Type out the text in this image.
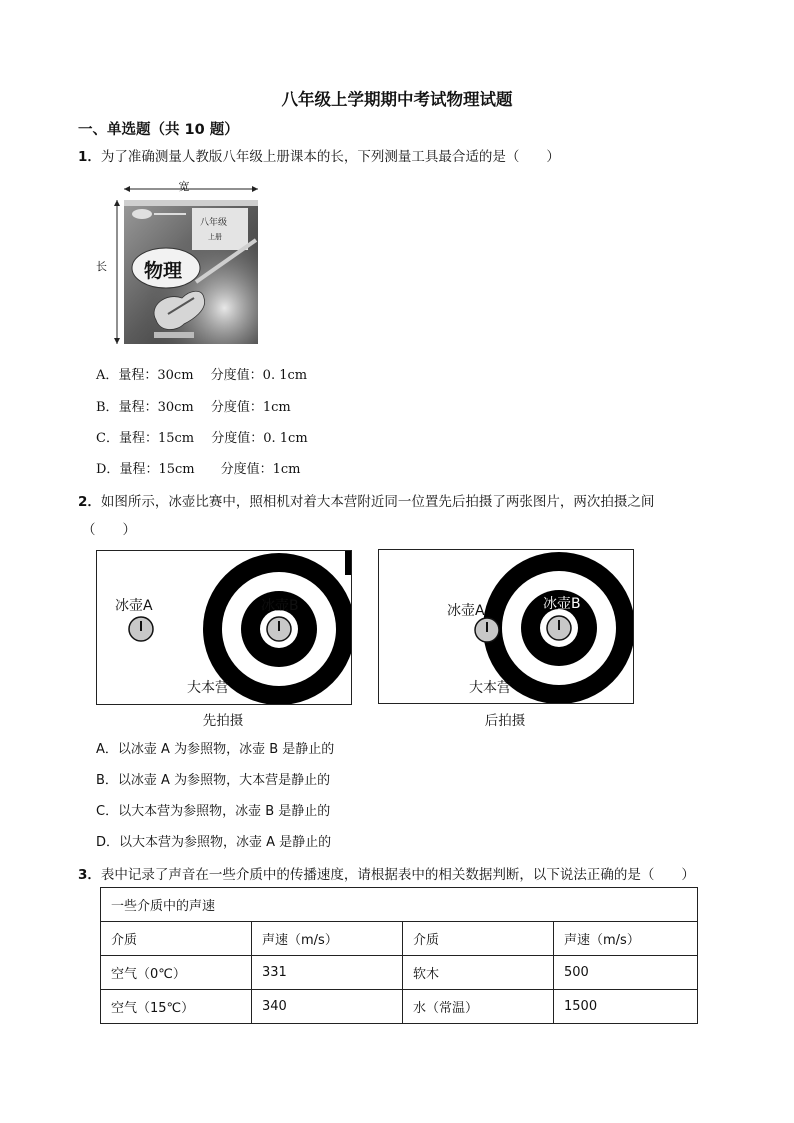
八年级上学期期中考试物理试题
一、单选题（共 10 题）
1．为了准确测量人教版八年级上册课本的长，下列测量工具最合适的是（　　）
宽
长
八年级
上册
物理
A．量程：30cm　 分度值：0. 1cm
B．量程：30cm　 分度值：1cm
C．量程：15cm　 分度值：0. 1cm
D．量程：15cm　　分度值：1cm
2．如图所示，冰壶比赛中，照相机对着大本营附近同一位置先后拍摄了两张图片，两次拍摄之间
（　　）
冰壶A	冰壶B
大本营
先拍摄
冰壶A	冰壶B
大本营
后拍摄
A．以冰壶 A 为参照物，冰壶 B 是静止的
B．以冰壶 A 为参照物，大本营是静止的
C．以大本营为参照物，冰壶 B 是静止的
D．以大本营为参照物，冰壶 A 是静止的
3．表中记录了声音在一些介质中的传播速度，请根据表中的相关数据判断，以下说法正确的是（　　）
一些介质中的声速			
介质	声速（m/s）	介质	声速（m/s）
空气（0℃）	331	软木	500
空气（15℃）	340	水（常温）	1500
